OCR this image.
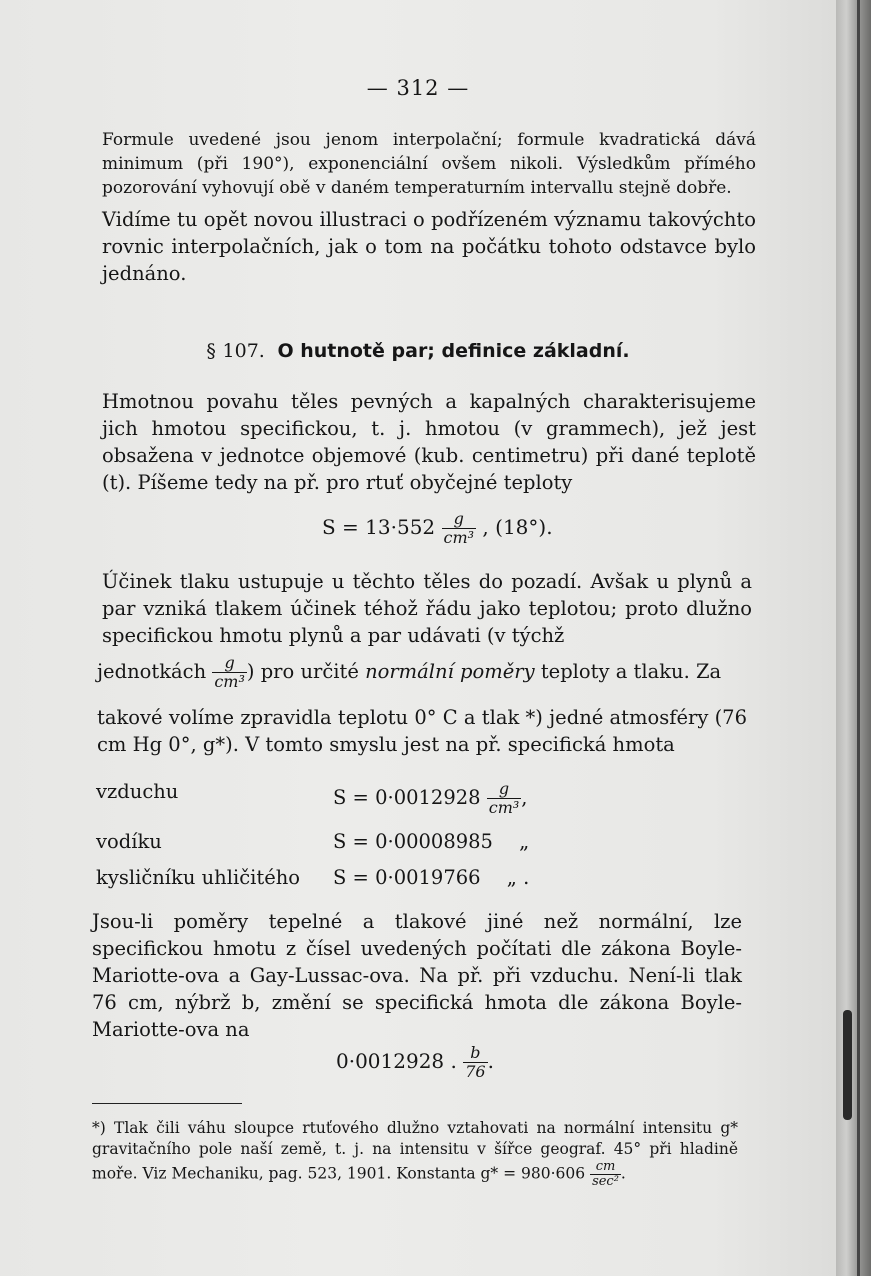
— 312 —

Formule uvedené jsou jenom interpolační; formule kvadratická dává minimum (při 190°), exponenciální ovšem nikoli. Výsledkům přímého pozorování vyhovují obě v daném temperaturním intervallu stejně dobře.

Vidíme tu opět novou illustraci o podřízeném významu takovýchto rovnic interpolačních, jak o tom na počátku tohoto odstavce bylo jednáno.

§ 107. O hutnotě par; definice základní.

Hmotnou povahu těles pevných a kapalných charakterisujeme jich hmotou specifickou, t. j. hmotou (v grammech), jež jest obsažena v jednotce objemové (kub. centimetru) při dané teplotě (t). Píšeme tedy na př. pro rtuť obyčejné teploty

$S = 13\cdot 552 \frac{g}{\text{cm³}}$ , (18°).

Účinek tlaku ustupuje u těchto těles do pozadí. Avšak u plynů a par vzniká tlakem účinek téhož řádu jako teplotou; proto dlužno specifickou hmotu plynů a par udávati (v týchž

jednotkách $\frac{g}{\text{cm³}}$ ) pro určité normální poměry teploty a tlaku. Za

takové volíme zpravidla teplotu 0° C a tlak *) jedné atmosféry (76 cm Hg 0°, g*). V tomto smyslu jest na př. specifická hmota

vzduchu	$S = 0\cdot 0012928 \frac{g}{\text{cm³}}$ ,
vodíku	S = 0·00008985 „
kysličníku uhličitého S = 0·0019766 „ .

Jsou-li poměry tepelné a tlakové jiné než normální, lze specifickou hmotu z čísel uvedených počítati dle zákona Boyle-Mariotte-ova a Gay-Lussac-ova. Na př. při vzduchu. Není-li tlak 76 cm, nýbrž b, změní se specifická hmota dle zákona Boyle-Mariotte-ova na

0·0012928 . $\frac{b}{76}$ .

*) Tlak čili váhu sloupce rtuťového dlužno vztahovati na normální intensitu g* gravitačního pole naší země, t. j. na intensitu v šířce geograf. 45° při hladině moře. Viz Mechaniku, pag. 523, 1901. Konstanta $g* = 980\cdot 606 \frac{cm}{\text{sec²}}$ .
